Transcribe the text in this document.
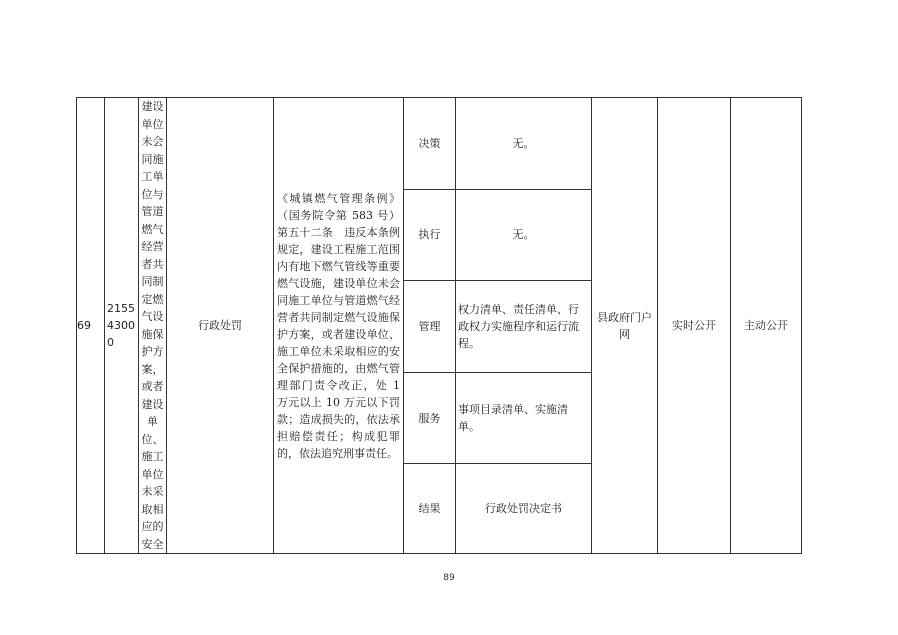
69	215543000	建设单位未会同施工单位与管道燃气经营者共同制定燃气设施保护方案，或者建设单位、施工单位未采取相应的安全	行政处罚	《城镇燃气管理条例》（国务院令第 583 号）第五十二条　违反本条例规定，建设工程施工范围内有地下燃气管线等重要燃气设施，建设单位未会同施工单位与管道燃气经营者共同制定燃气设施保护方案，或者建设单位、施工单位未采取相应的安全保护措施的，由燃气管理部门责令改正，处 1 万元以上 10 万元以下罚款；造成损失的，依法承担赔偿责任；构成犯罪的，依法追究刑事责任。	决策	无。	县政府门户网	实时公开	主动公开
					执行	无。			
					管理	权力清单、责任清单、行政权力实施程序和运行流程。			
					服务	事项目录清单、实施清单。			
					结果	行政处罚决定书			
89
